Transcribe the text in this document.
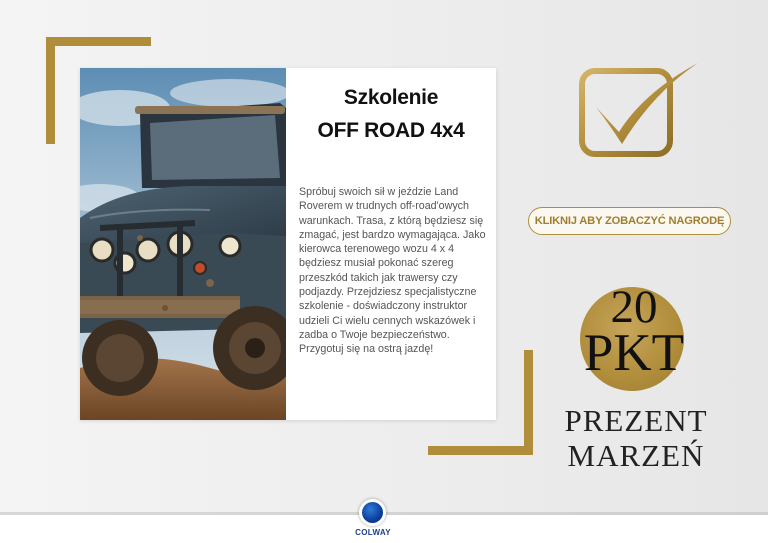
Szkolenie
OFF ROAD 4x4
Spróbuj swoich sił w jeździe Land Roverem w trudnych off-road'owych warunkach. Trasa, z którą będziesz się zmagać, jest bardzo wymagająca. Jako kierowca terenowego wozu 4 x 4 będziesz musiał pokonać szereg przeszkód takich jak trawersy czy podjazdy. Przejdziesz specjalistyczne szkolenie - doświadczony instruktor udzieli Ci wielu cennych wskazówek i zadba o Twoje bezpieczeństwo. Przygotuj się na ostrą jazdę!
KLIKNIJ ABY ZOBACZYĆ NAGRODĘ
20
PKT
PREZENT
MARZEŃ
COLWAY
